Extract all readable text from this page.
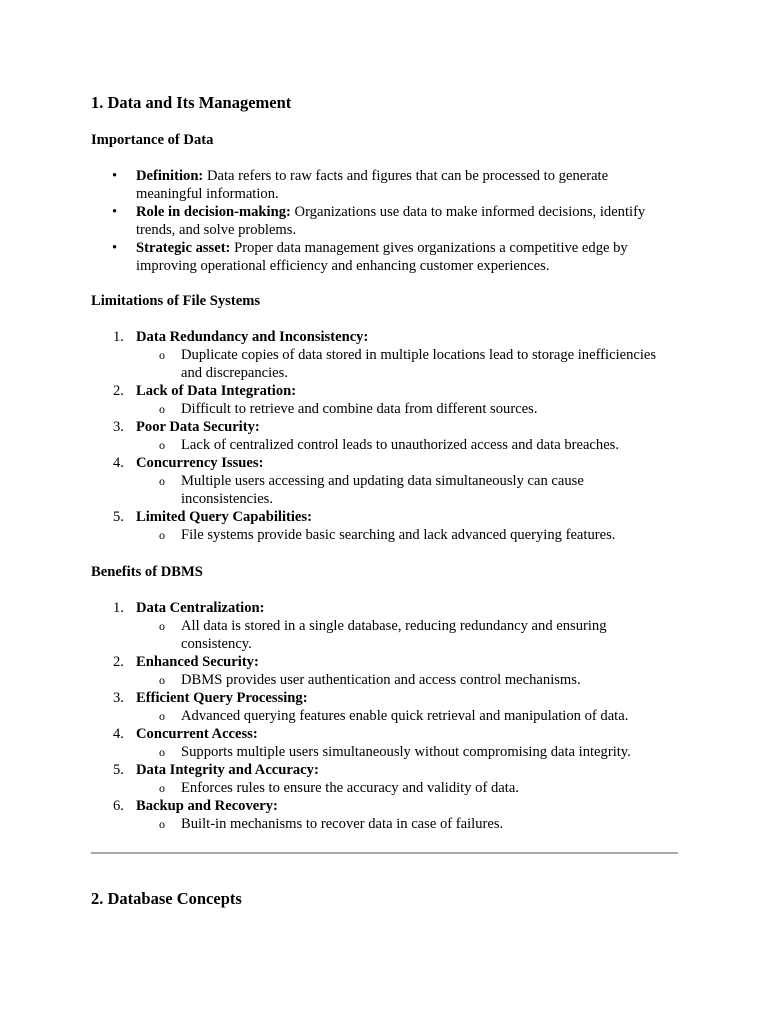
1. Data and Its Management
Importance of Data
• Definition: Data refers to raw facts and figures that can be processed to generate
meaningful information.
• Role in decision-making: Organizations use data to make informed decisions, identify
trends, and solve problems.
• Strategic asset: Proper data management gives organizations a competitive edge by
improving operational efficiency and enhancing customer experiences.
Limitations of File Systems
1. Data Redundancy and Inconsistency:
o Duplicate copies of data stored in multiple locations lead to storage inefficiencies
and discrepancies.
2. Lack of Data Integration:
o Difficult to retrieve and combine data from different sources.
3. Poor Data Security:
o Lack of centralized control leads to unauthorized access and data breaches.
4. Concurrency Issues:
o Multiple users accessing and updating data simultaneously can cause
inconsistencies.
5. Limited Query Capabilities:
o File systems provide basic searching and lack advanced querying features.
Benefits of DBMS
1. Data Centralization:
o All data is stored in a single database, reducing redundancy and ensuring
consistency.
2. Enhanced Security:
o DBMS provides user authentication and access control mechanisms.
3. Efficient Query Processing:
o Advanced querying features enable quick retrieval and manipulation of data.
4. Concurrent Access:
o Supports multiple users simultaneously without compromising data integrity.
5. Data Integrity and Accuracy:
o Enforces rules to ensure the accuracy and validity of data.
6. Backup and Recovery:
o Built-in mechanisms to recover data in case of failures.
2. Database Concepts
